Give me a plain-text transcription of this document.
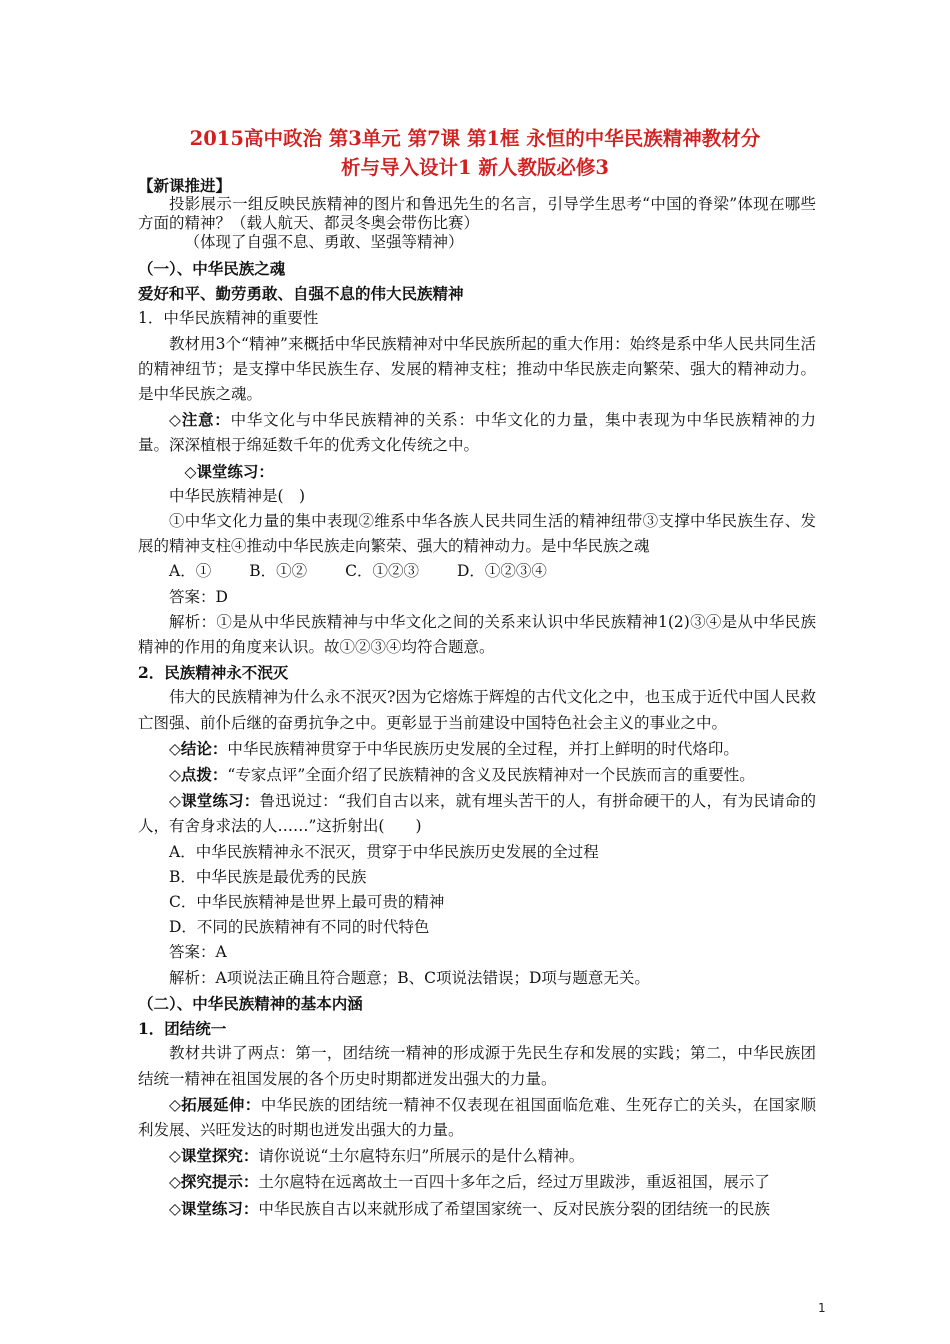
2015高中政治 第3单元 第7课 第1框 永恒的中华民族精神教材分
析与导入设计1 新人教版必修3

【新课推进】

投影展示一组反映民族精神的图片和鲁迅先生的名言，引导学生思考“中国的脊梁”体现在哪些方面的精神？（载人航天、都灵冬奥会带伤比赛）

（体现了自强不息、勇敢、坚强等精神）

（一）、中华民族之魂

爱好和平、勤劳勇敢、自强不息的伟大民族精神

1．中华民族精神的重要性

教材用3个“精神”来概括中华民族精神对中华民族所起的重大作用：始终是系中华人民共同生活的精神纽节；是支撑中华民族生存、发展的精神支柱；推动中华民族走向繁荣、强大的精神动力。是中华民族之魂。

◇注意：中华文化与中华民族精神的关系：中华文化的力量，集中表现为中华民族精神的力量。深深植根于绵延数千年的优秀文化传统之中。

◇课堂练习：

中华民族精神是(　)

①中华文化力量的集中表现②维系中华各族人民共同生活的精神纽带③支撑中华民族生存、发展的精神支柱④推动中华民族走向繁荣、强大的精神动力。是中华民族之魂

A．① B．①② C．①②③ D．①②③④

答案：D

解析：①是从中华民族精神与中华文化之间的关系来认识中华民族精神1(2)③④是从中华民族精神的作用的角度来认识。故①②③④均符合题意。

2．民族精神永不泯灭

伟大的民族精神为什么永不泯灭?因为它熔炼于辉煌的古代文化之中，也玉成于近代中国人民救亡图强、前仆后继的奋勇抗争之中。更彰显于当前建设中国特色社会主义的事业之中。

◇结论：中华民族精神贯穿于中华民族历史发展的全过程，并打上鲜明的时代烙印。

◇点拨：“专家点评”全面介绍了民族精神的含义及民族精神对一个民族而言的重要性。

◇课堂练习：鲁迅说过：“我们自古以来，就有埋头苦干的人，有拼命硬干的人，有为民请命的人，有舍身求法的人……”这折射出(　　)

A．中华民族精神永不泯灭，贯穿于中华民族历史发展的全过程

B．中华民族是最优秀的民族

C．中华民族精神是世界上最可贵的精神

D．不同的民族精神有不同的时代特色

答案：A

解析：A项说法正确且符合题意；B、C项说法错误；D项与题意无关。

（二）、中华民族精神的基本内涵

1．团结统一

教材共讲了两点：第一，团结统一精神的形成源于先民生存和发展的实践；第二，中华民族团结统一精神在祖国发展的各个历史时期都迸发出强大的力量。

◇拓展延伸：中华民族的团结统一精神不仅表现在祖国面临危难、生死存亡的关头，在国家顺利发展、兴旺发达的时期也迸发出强大的力量。

◇课堂探究：请你说说“土尔扈特东归”所展示的是什么精神。

◇探究提示：土尔扈特在远离故土一百四十多年之后，经过万里跋涉，重返祖国，展示了

◇课堂练习：中华民族自古以来就形成了希望国家统一、反对民族分裂的团结统一的民族

1
